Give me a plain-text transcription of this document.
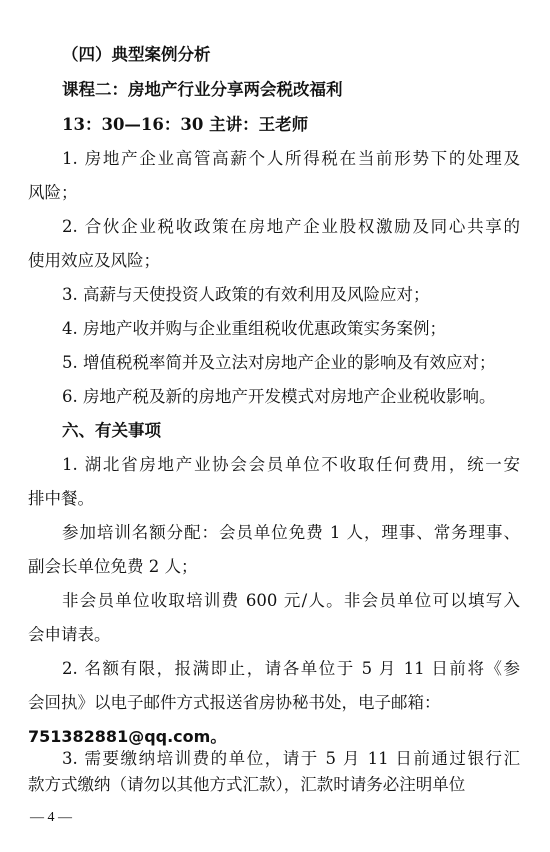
（四）典型案例分析
课程二：房地产行业分享两会税改福利
13：30—16：30 主讲：王老师
1. 房地产企业高管高薪个人所得税在当前形势下的处理及
风险；
2. 合伙企业税收政策在房地产企业股权激励及同心共享的
使用效应及风险；
3. 高薪与天使投资人政策的有效利用及风险应对；
4. 房地产收并购与企业重组税收优惠政策实务案例；
5. 增值税税率简并及立法对房地产企业的影响及有效应对；
6. 房地产税及新的房地产开发模式对房地产企业税收影响。
六、有关事项
1. 湖北省房地产业协会会员单位不收取任何费用，统一安
排中餐。
参加培训名额分配：会员单位免费 1 人，理事、常务理事、
副会长单位免费 2 人；
非会员单位收取培训费 600 元/人。非会员单位可以填写入
会申请表。
2. 名额有限，报满即止，请各单位于 5 月 11 日前将《参
会回执》以电子邮件方式报送省房协秘书处，电子邮箱：
751382881@qq.com。
3. 需要缴纳培训费的单位，请于 5 月 11 日前通过银行汇
— 4 —
款方式缴纳（请勿以其他方式汇款），汇款时请务必注明单位
